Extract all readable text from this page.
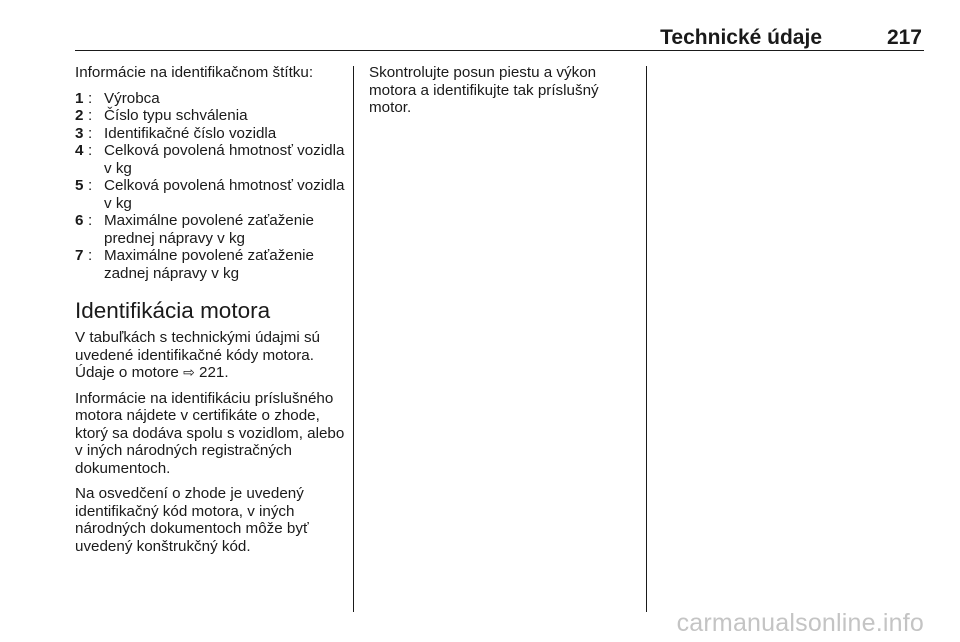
Technické údaje	217

Informácie na identifikačnom štítku:

1 : Výrobca
2 : Číslo typu schválenia
3 : Identifikačné číslo vozidla
4 : Celková povolená hmotnosť vozidla v kg
5 : Celková povolená hmotnosť vozidla v kg
6 : Maximálne povolené zaťaženie prednej nápravy v kg
7 : Maximálne povolené zaťaženie zadnej nápravy v kg
Identifikácia motora

V tabuľkách s technickými údajmi sú uvedené identifikačné kódy motora. Údaje o motore ⇨ 221.

Informácie na identifikáciu príslušného motora nájdete v certifikáte o zhode, ktorý sa dodáva spolu s vozidlom, alebo v iných národných registračných dokumentoch.

Na osvedčení o zhode je uvedený identifikačný kód motora, v iných národných dokumentoch môže byť uvedený konštrukčný kód.

Skontrolujte posun piestu a výkon motora a identifikujte tak príslušný motor.

carmanualsonline.info
